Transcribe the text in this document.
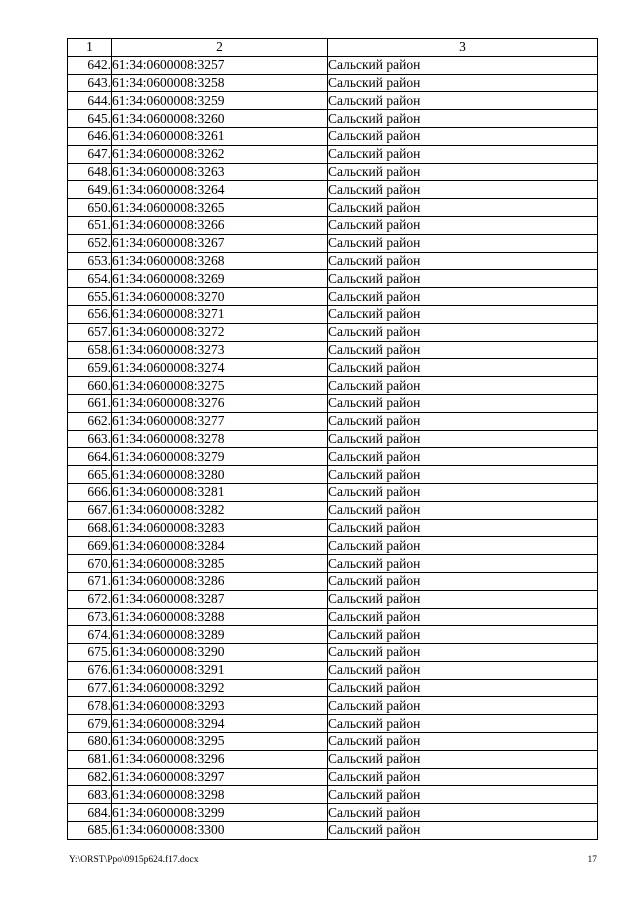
1	2	3
642.	61:34:0600008:3257	Сальский район
643.	61:34:0600008:3258	Сальский район
644.	61:34:0600008:3259	Сальский район
645.	61:34:0600008:3260	Сальский район
646.	61:34:0600008:3261	Сальский район
647.	61:34:0600008:3262	Сальский район
648.	61:34:0600008:3263	Сальский район
649.	61:34:0600008:3264	Сальский район
650.	61:34:0600008:3265	Сальский район
651.	61:34:0600008:3266	Сальский район
652.	61:34:0600008:3267	Сальский район
653.	61:34:0600008:3268	Сальский район
654.	61:34:0600008:3269	Сальский район
655.	61:34:0600008:3270	Сальский район
656.	61:34:0600008:3271	Сальский район
657.	61:34:0600008:3272	Сальский район
658.	61:34:0600008:3273	Сальский район
659.	61:34:0600008:3274	Сальский район
660.	61:34:0600008:3275	Сальский район
661.	61:34:0600008:3276	Сальский район
662.	61:34:0600008:3277	Сальский район
663.	61:34:0600008:3278	Сальский район
664.	61:34:0600008:3279	Сальский район
665.	61:34:0600008:3280	Сальский район
666.	61:34:0600008:3281	Сальский район
667.	61:34:0600008:3282	Сальский район
668.	61:34:0600008:3283	Сальский район
669.	61:34:0600008:3284	Сальский район
670.	61:34:0600008:3285	Сальский район
671.	61:34:0600008:3286	Сальский район
672.	61:34:0600008:3287	Сальский район
673.	61:34:0600008:3288	Сальский район
674.	61:34:0600008:3289	Сальский район
675.	61:34:0600008:3290	Сальский район
676.	61:34:0600008:3291	Сальский район
677.	61:34:0600008:3292	Сальский район
678.	61:34:0600008:3293	Сальский район
679.	61:34:0600008:3294	Сальский район
680.	61:34:0600008:3295	Сальский район
681.	61:34:0600008:3296	Сальский район
682.	61:34:0600008:3297	Сальский район
683.	61:34:0600008:3298	Сальский район
684.	61:34:0600008:3299	Сальский район
685.	61:34:0600008:3300	Сальский район
Y:\ORST\Ppo\0915p624.f17.docx	17
